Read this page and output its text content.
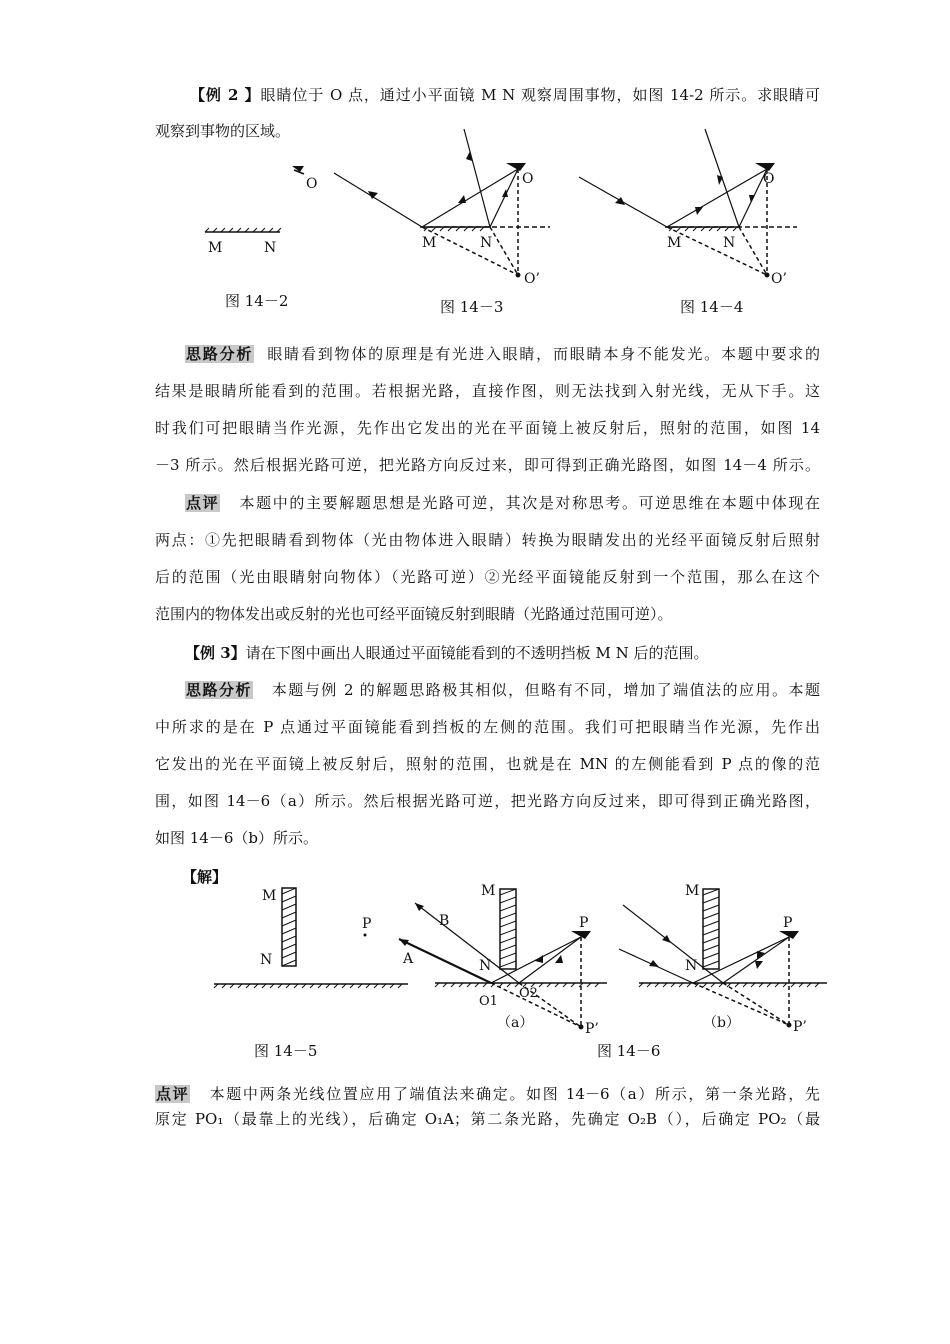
【例 2 】眼睛位于 O 点，通过小平面镜 M N 观察周围事物，如图 14-2 所示。求眼睛可
观察到事物的区域。
O
M	N
图 14－2
O
O’
M	N
图 14－3
O
O’
M	N
图 14－4
思路分析 眼睛看到物体的原理是有光进入眼睛，而眼睛本身不能发光。本题中要求的
结果是眼睛所能看到的范围。若根据光路，直接作图，则无法找到入射光线，无从下手。这
时我们可把眼睛当作光源，先作出它发出的光在平面镜上被反射后，照射的范围，如图 14
－3 所示。然后根据光路可逆，把光路方向反过来，即可得到正确光路图，如图 14－4 所示。
点评 本题中的主要解题思想是光路可逆，其次是对称思考。可逆思维在本题中体现在
两点：①先把眼睛看到物体（光由物体进入眼睛）转换为眼睛发出的光经平面镜反射后照射
后的范围（光由眼睛射向物体）（光路可逆）②光经平面镜能反射到一个范围，那么在这个
范围内的物体发出或反射的光也可经平面镜反射到眼睛（光路通过范围可逆）。
【例 3】请在下图中画出人眼通过平面镜能看到的不透明挡板 M N 后的范围。
思路分析 本题与例 2 的解题思路极其相似，但略有不同，增加了端值法的应用。本题
中所求的是在 P 点通过平面镜能看到挡板的左侧的范围。我们可把眼睛当作光源，先作出
它发出的光在平面镜上被反射后，照射的范围，也就是在 MN 的左侧能看到 P 点的像的范
围，如图 14－6（a）所示。然后根据光路可逆，把光路方向反过来，即可得到正确光路图，
如图 14－6（b）所示。
【解】
M
N
P
图 14－5
M
N
P
P’
A
B
O1
O2
（a）
M
N
P
P’
（b）
图 14－6
点评 本题中两条光线位置应用了端值法来确定。如图 14－6（a）所示，第一条光路，先
原定 PO₁（最靠上的光线），后确定 O₁A；第二条光路，先确定 O₂B（），后确定 PO₂（最
